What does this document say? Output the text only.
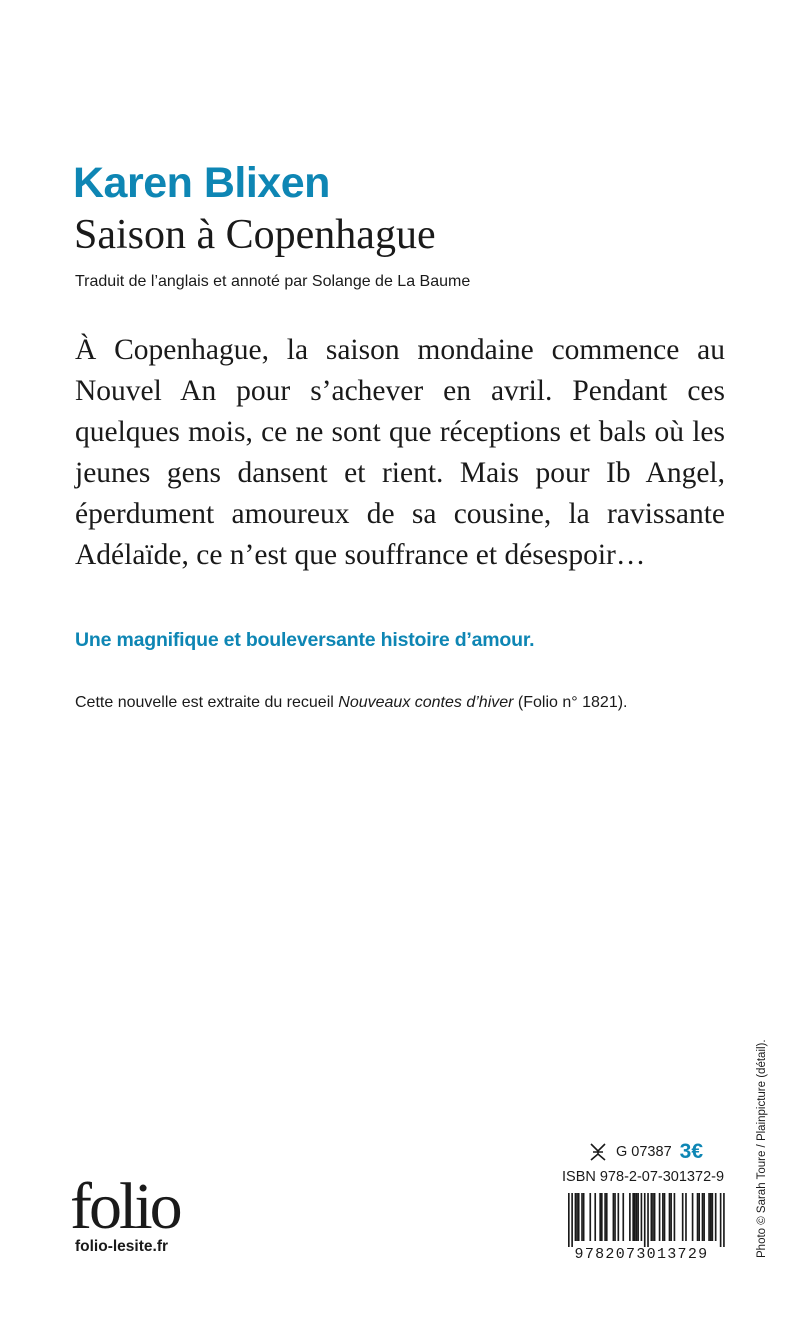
Karen Blixen
Saison à Copenhague
Traduit de l’anglais et annoté par Solange de La Baume

À Copenhague, la saison mondaine commence au Nouvel An pour s’achever en avril. Pendant ces quelques mois, ce ne sont que réceptions et bals où les jeunes gens dansent et rient. Mais pour Ib Angel, éperdument amoureux de sa cousine, la ravissante Adélaïde, ce n’est que souffrance et désespoir…

Une magnifique et bouleversante histoire d’amour.
Cette nouvelle est extraite du recueil Nouveaux contes d’hiver (Folio n° 1821).
Photo © Sarah Toure / Plainpicture (détail).
folio
folio-lesite.fr
G 07387 3€
ISBN 978-2-07-301372-9
9782073013729
